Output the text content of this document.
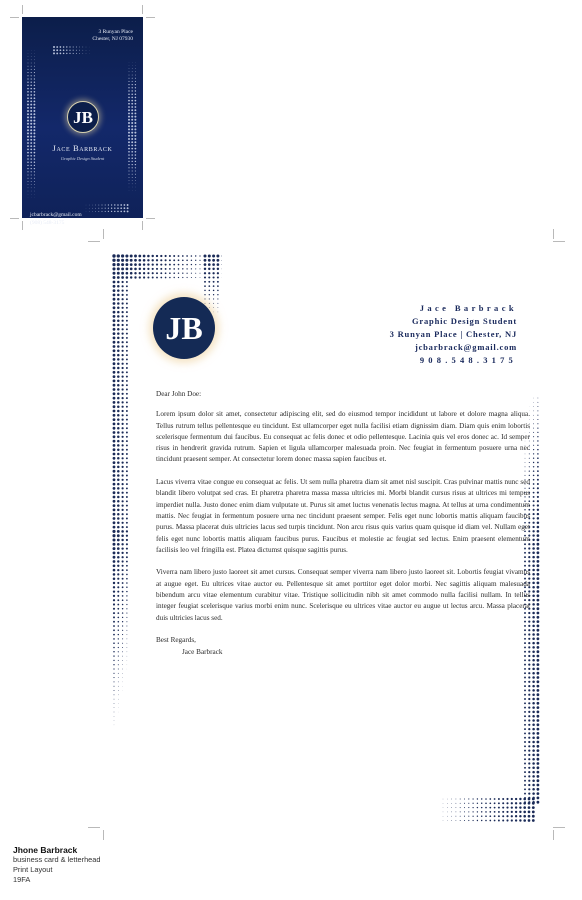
3 Runyan Place
Chester, NJ 07930
JB
Jace Barbrack
Graphic Design Student
jcbarbrack@gmail.com
(908) 548-3175
JB
Jace Barbrack
Graphic Design Student
3 Runyan Place | Chester, NJ
jcbarbrack@gmail.com
908.548.3175

Dear John Doe:

Lorem ipsum dolor sit amet, consectetur adipiscing elit, sed do eiusmod tempor incididunt ut labore et dolore magna aliqua. Tellus rutrum tellus pellentesque eu tincidunt. Est ullamcorper eget nulla facilisi etiam dignissim diam. Diam quis enim lobortis scelerisque fermentum dui faucibus. Eu consequat ac felis donec et odio pellentesque. Lacinia quis vel eros donec ac. Id semper risus in hendrerit gravida rutrum. Sapien et ligula ullamcorper malesuada proin. Nec feugiat in fermentum posuere urna nec tincidunt praesent semper. At consectetur lorem donec massa sapien faucibus et.

Lacus viverra vitae congue eu consequat ac felis. Ut sem nulla pharetra diam sit amet nisl suscipit. Cras pulvinar mattis nunc sed blandit libero volutpat sed cras. Et pharetra pharetra massa massa ultricies mi. Morbi blandit cursus risus at ultrices mi tempus imperdiet nulla. Justo donec enim diam vulputate ut. Purus sit amet luctus venenatis lectus magna. At tellus at urna condimentum mattis. Nec feugiat in fermentum posuere urna nec tincidunt praesent semper. Felis eget nunc lobortis mattis aliquam faucibus purus. Massa placerat duis ultricies lacus sed turpis tincidunt. Non arcu risus quis varius quam quisque id diam vel. Nullam eget felis eget nunc lobortis mattis aliquam faucibus purus. Faucibus et molestie ac feugiat sed lectus. Enim praesent elementum facilisis leo vel fringilla est. Platea dictumst quisque sagittis purus.

Viverra nam libero justo laoreet sit amet cursus. Consequat semper viverra nam libero justo laoreet sit. Lobortis feugiat vivamus at augue eget. Eu ultrices vitae auctor eu. Pellentesque sit amet porttitor eget dolor morbi. Nec sagittis aliquam malesuada bibendum arcu vitae elementum curabitur vitae. Tristique sollicitudin nibh sit amet commodo nulla facilisi nullam. In tellus integer feugiat scelerisque varius morbi enim nunc. Scelerisque eu ultrices vitae auctor eu augue ut lectus arcu. Massa placerat duis ultricies lacus sed.

Best Regards,
Jace Barbrack
Jhone Barbrack
business card & letterhead
Print Layout
19FA
